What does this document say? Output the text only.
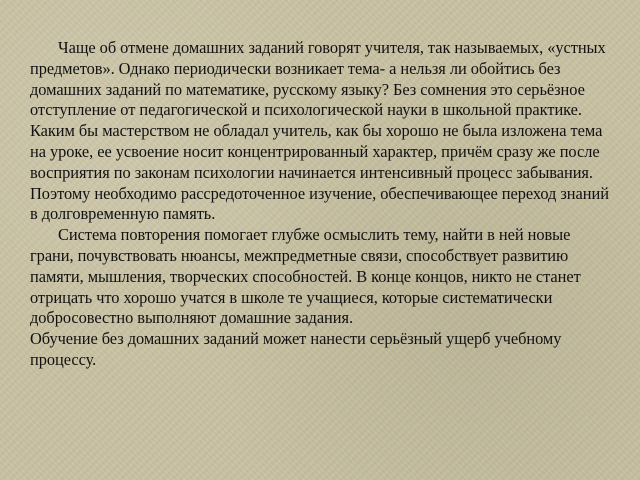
Чаще об отмене домашних заданий говорят учителя, так называемых, «устных предметов». Однако периодически возникает тема- а нельзя ли обойтись без домашних заданий по математике, русскому языку? Без сомнения это серьёзное отступление от педагогической и психологической науки в школьной практике. Каким бы мастерством не обладал учитель, как бы хорошо не была изложена тема на уроке, ее усвоение носит концентрированный характер, причём сразу же после восприятия по законам психологии начинается интенсивный процесс забывания. Поэтому необходимо рассредоточенное изучение, обеспечивающее переход знаний в долговременную память.

Система повторения помогает глубже осмыслить тему, найти в ней новые грани, почувствовать нюансы, межпредметные связи, способствует развитию памяти, мышления, творческих способностей. В конце концов, никто не станет отрицать что хорошо учатся в школе те учащиеся, которые систематически добросовестно выполняют домашние задания.

Обучение без домашних заданий может нанести серьёзный ущерб учебному процессу.
